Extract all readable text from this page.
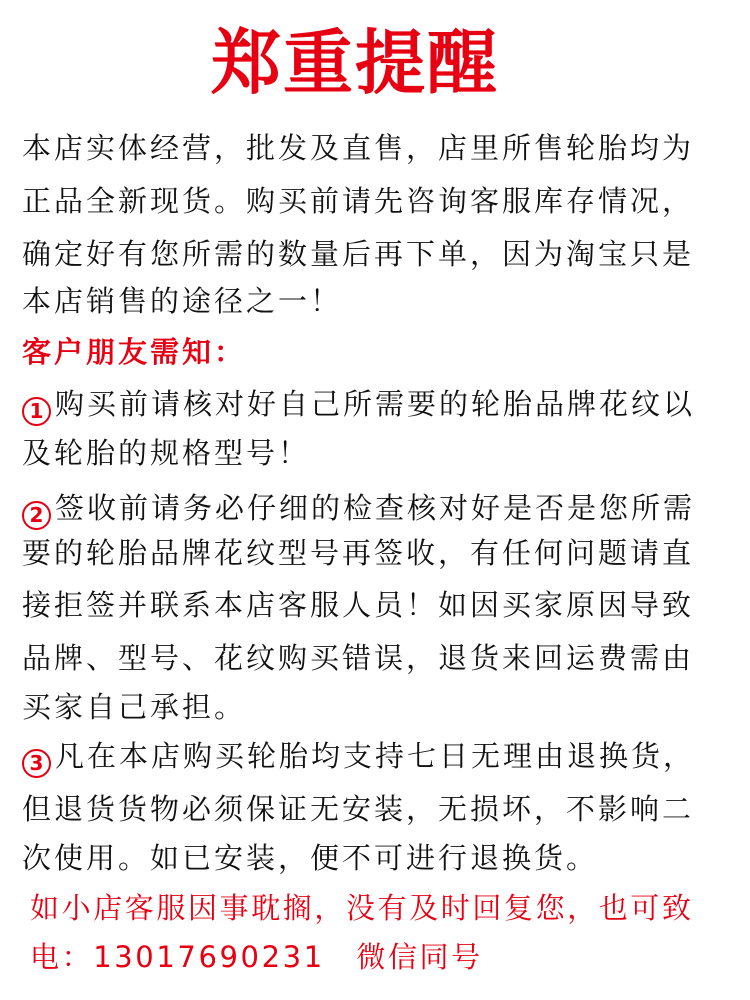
郑重提醒
本店实体经营，批发及直售，店里所售轮胎均为
正品全新现货。购买前请先咨询客服库存情况，
确定好有您所需的数量后再下单，因为淘宝只是
本店销售的途径之一！
客户朋友需知：
1 购买前请核对好自己所需要的轮胎品牌花纹以
及轮胎的规格型号！
2 签收前请务必仔细的检查核对好是否是您所需
要的轮胎品牌花纹型号再签收，有任何问题请直
接拒签并联系本店客服人员！如因买家原因导致
品牌、型号、花纹购买错误，退货来回运费需由
买家自己承担。
3 凡在本店购买轮胎均支持七日无理由退换货，
但退货货物必须保证无安装，无损坏，不影响二
次使用。如已安装，便不可进行退换货。
如小店客服因事耽搁，没有及时回复您，也可致
电：13017690231　微信同号
